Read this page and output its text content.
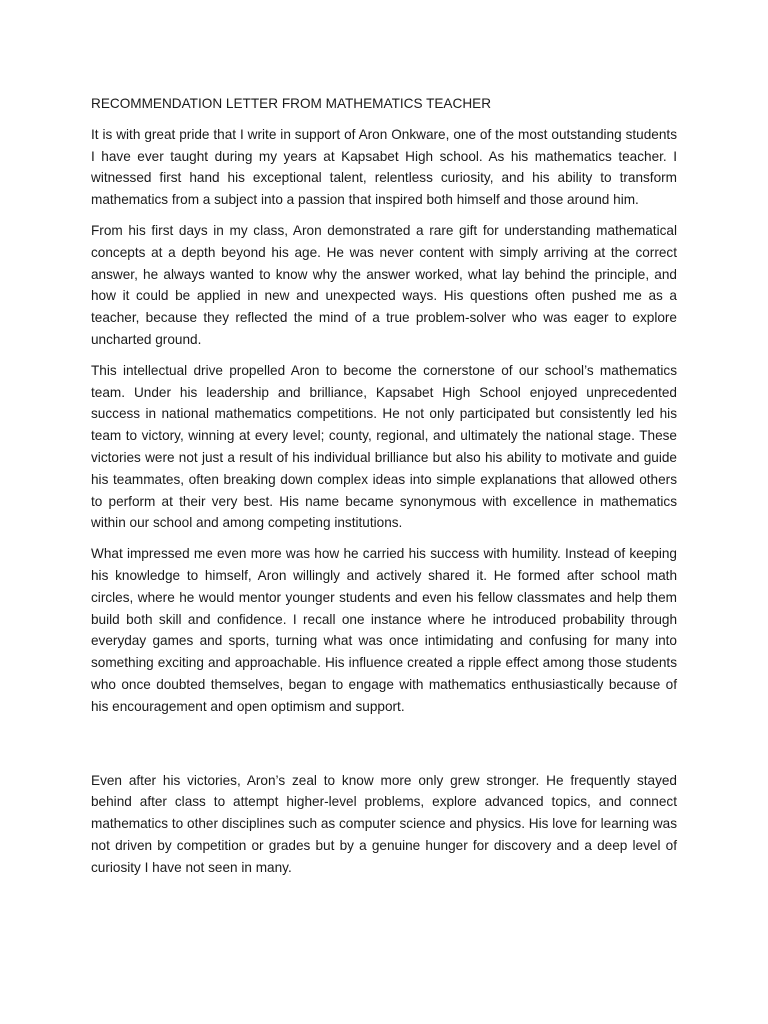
RECOMMENDATION LETTER FROM MATHEMATICS TEACHER

It is with great pride that I write in support of Aron Onkware, one of the most outstanding students I have ever taught during my years at Kapsabet High school. As his mathematics teacher. I witnessed first hand his exceptional talent, relentless curiosity, and his ability to transform mathematics from a subject into a passion that inspired both himself and those around him.

From his first days in my class, Aron demonstrated a rare gift for understanding mathematical concepts at a depth beyond his age. He was never content with simply arriving at the correct answer, he always wanted to know why the answer worked, what lay behind the principle, and how it could be applied in new and unexpected ways. His questions often pushed me as a teacher, because they reflected the mind of a true problem-solver who was eager to explore uncharted ground.

This intellectual drive propelled Aron to become the cornerstone of our school’s mathematics team. Under his leadership and brilliance, Kapsabet High School enjoyed unprecedented success in national mathematics competitions. He not only participated but consistently led his team to victory, winning at every level; county, regional, and ultimately the national stage. These victories were not just a result of his individual brilliance but also his ability to motivate and guide his teammates, often breaking down complex ideas into simple explanations that allowed others to perform at their very best. His name became synonymous with excellence in mathematics within our school and among competing institutions.

What impressed me even more was how he carried his success with humility. Instead of keeping his knowledge to himself, Aron willingly and actively shared it. He formed after school math circles, where he would mentor younger students and even his fellow classmates and help them build both skill and confidence. I recall one instance where he introduced probability through everyday games and sports, turning what was once intimidating and confusing for many into something exciting and approachable. His influence created a ripple effect among those students who once doubted themselves, began to engage with mathematics enthusiastically because of his encouragement and open optimism and support.

Even after his victories, Aron’s zeal to know more only grew stronger. He frequently stayed behind after class to attempt higher-level problems, explore advanced topics, and connect mathematics to other disciplines such as computer science and physics. His love for learning was not driven by competition or grades but by a genuine hunger for discovery and a deep level of curiosity I have not seen in many.
